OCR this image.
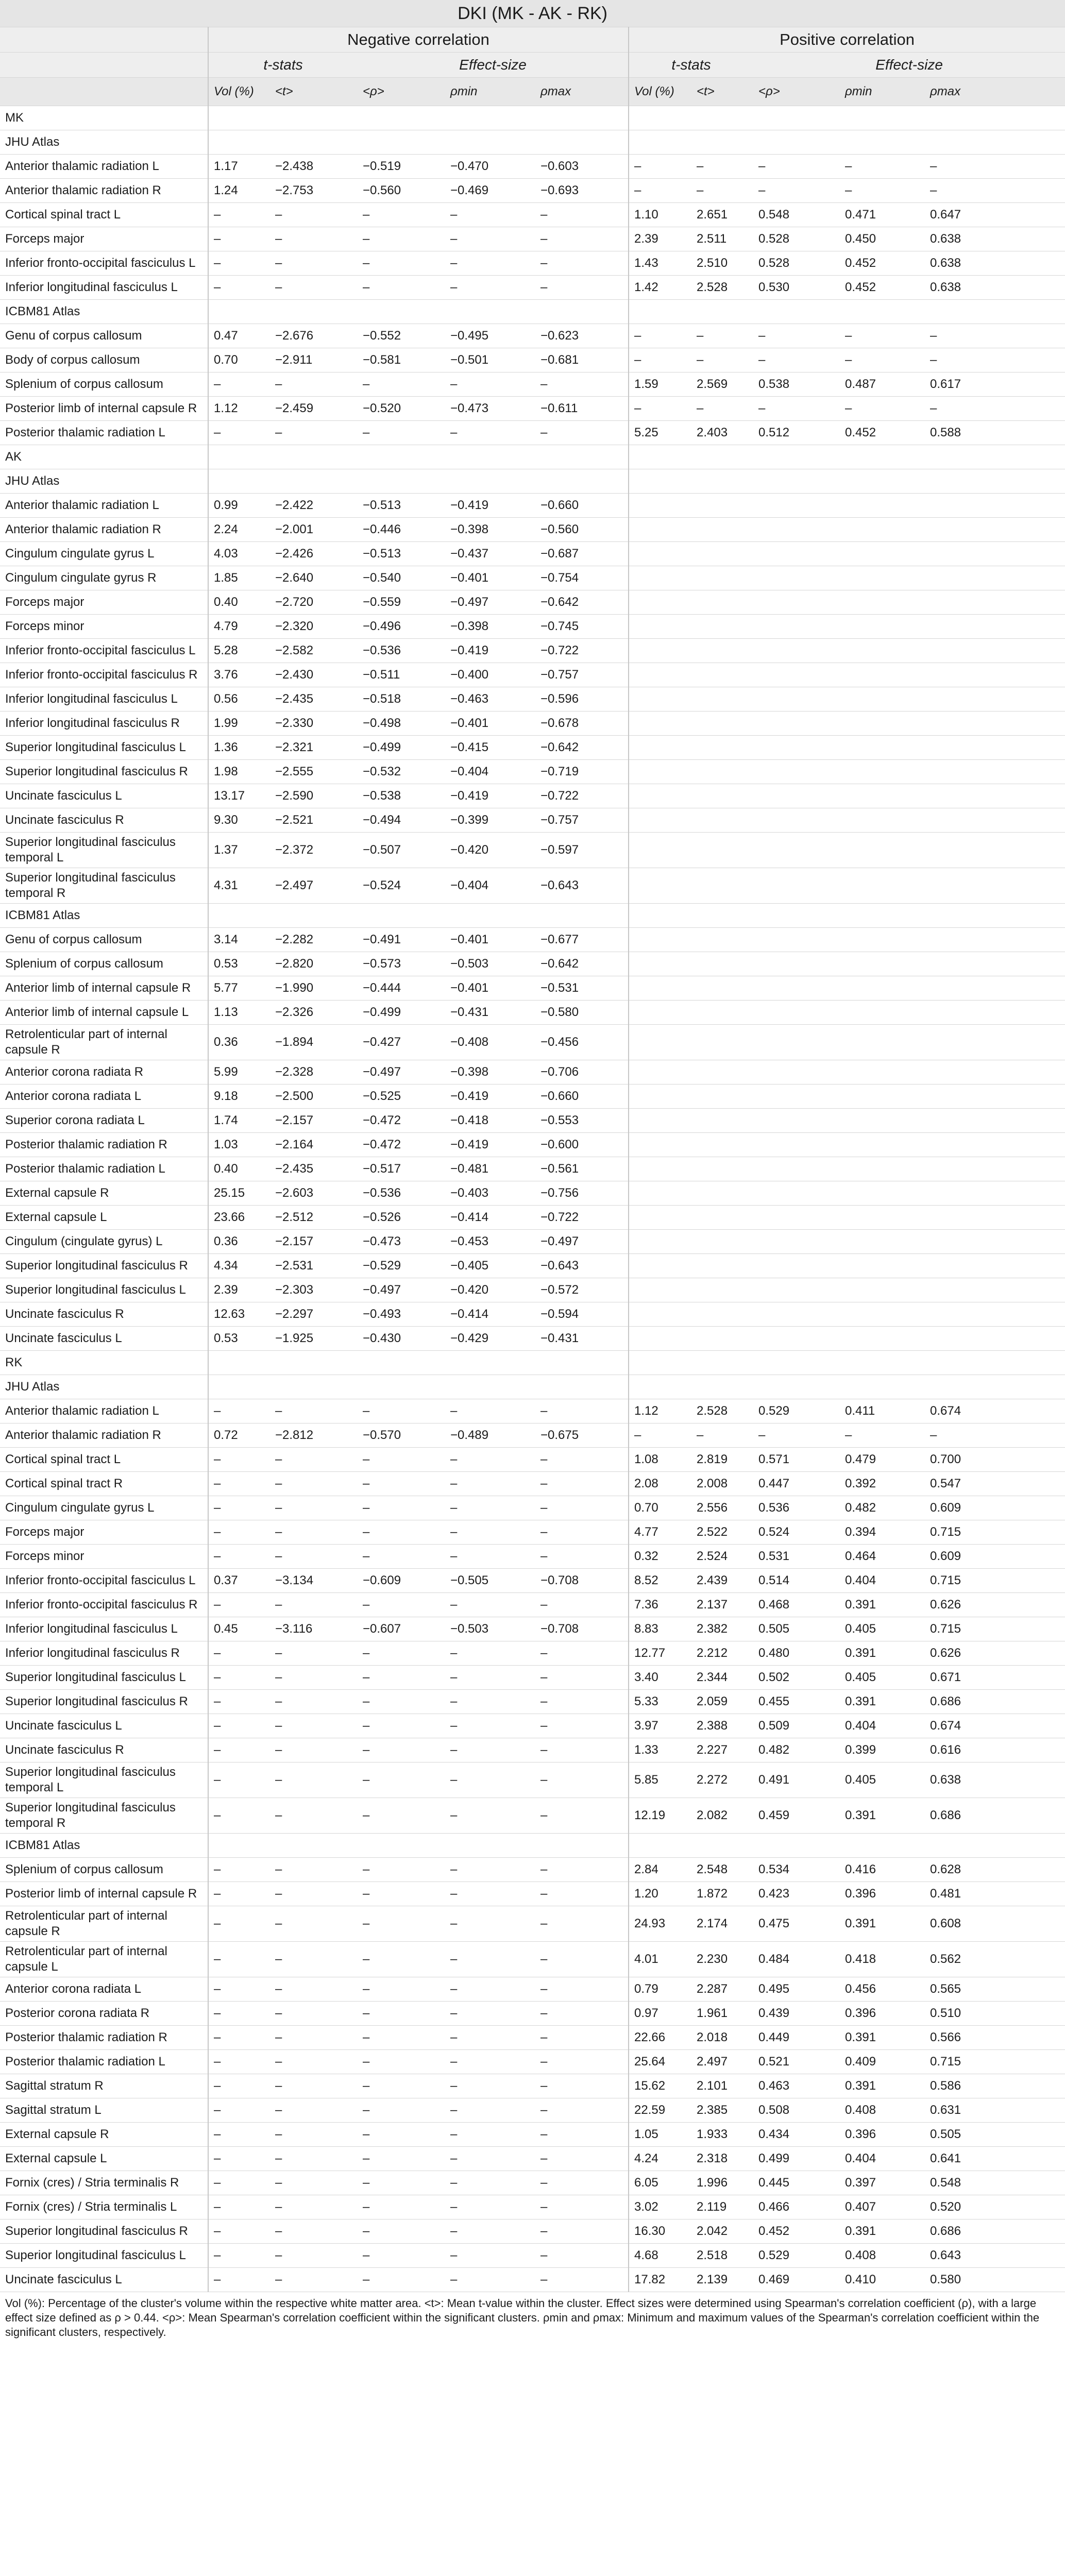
DKI (MK - AK - RK)										
	Negative correlation					Positive correlation				
	t-stats		Effect-size			t-stats		Effect-size		
	Vol (%)	<t>	<ρ>	ρmin	ρmax	Vol (%)	<t>	<ρ>	ρmin	ρmax
MK										
JHU Atlas										
Anterior thalamic radiation L	1.17	−2.438	−0.519	−0.470	−0.603	–	–	–	–	–
Anterior thalamic radiation R	1.24	−2.753	−0.560	−0.469	−0.693	–	–	–	–	–
Cortical spinal tract L	–	–	–	–	–	1.10	2.651	0.548	0.471	0.647
Forceps major	–	–	–	–	–	2.39	2.511	0.528	0.450	0.638
Inferior fronto-occipital fasciculus L	–	–	–	–	–	1.43	2.510	0.528	0.452	0.638
Inferior longitudinal fasciculus L	–	–	–	–	–	1.42	2.528	0.530	0.452	0.638
ICBM81 Atlas										
Genu of corpus callosum	0.47	−2.676	−0.552	−0.495	−0.623	–	–	–	–	–
Body of corpus callosum	0.70	−2.911	−0.581	−0.501	−0.681	–	–	–	–	–
Splenium of corpus callosum	–	–	–	–	–	1.59	2.569	0.538	0.487	0.617
Posterior limb of internal capsule R	1.12	−2.459	−0.520	−0.473	−0.611	–	–	–	–	–
Posterior thalamic radiation L	–	–	–	–	–	5.25	2.403	0.512	0.452	0.588
AK										
JHU Atlas										
Anterior thalamic radiation L	0.99	−2.422	−0.513	−0.419	−0.660					
Anterior thalamic radiation R	2.24	−2.001	−0.446	−0.398	−0.560					
Cingulum cingulate gyrus L	4.03	−2.426	−0.513	−0.437	−0.687					
Cingulum cingulate gyrus R	1.85	−2.640	−0.540	−0.401	−0.754					
Forceps major	0.40	−2.720	−0.559	−0.497	−0.642					
Forceps minor	4.79	−2.320	−0.496	−0.398	−0.745					
Inferior fronto-occipital fasciculus L	5.28	−2.582	−0.536	−0.419	−0.722					
Inferior fronto-occipital fasciculus R	3.76	−2.430	−0.511	−0.400	−0.757					
Inferior longitudinal fasciculus L	0.56	−2.435	−0.518	−0.463	−0.596					
Inferior longitudinal fasciculus R	1.99	−2.330	−0.498	−0.401	−0.678					
Superior longitudinal fasciculus L	1.36	−2.321	−0.499	−0.415	−0.642					
Superior longitudinal fasciculus R	1.98	−2.555	−0.532	−0.404	−0.719					
Uncinate fasciculus L	13.17	−2.590	−0.538	−0.419	−0.722					
Uncinate fasciculus R	9.30	−2.521	−0.494	−0.399	−0.757					
Superior longitudinal fasciculus temporal L	1.37	−2.372	−0.507	−0.420	−0.597					
Superior longitudinal fasciculus temporal R	4.31	−2.497	−0.524	−0.404	−0.643					
ICBM81 Atlas										
Genu of corpus callosum	3.14	−2.282	−0.491	−0.401	−0.677					
Splenium of corpus callosum	0.53	−2.820	−0.573	−0.503	−0.642					
Anterior limb of internal capsule R	5.77	−1.990	−0.444	−0.401	−0.531					
Anterior limb of internal capsule L	1.13	−2.326	−0.499	−0.431	−0.580					
Retrolenticular part of internal capsule R	0.36	−1.894	−0.427	−0.408	−0.456					
Anterior corona radiata R	5.99	−2.328	−0.497	−0.398	−0.706					
Anterior corona radiata L	9.18	−2.500	−0.525	−0.419	−0.660					
Superior corona radiata L	1.74	−2.157	−0.472	−0.418	−0.553					
Posterior thalamic radiation R	1.03	−2.164	−0.472	−0.419	−0.600					
Posterior thalamic radiation L	0.40	−2.435	−0.517	−0.481	−0.561					
External capsule R	25.15	−2.603	−0.536	−0.403	−0.756					
External capsule L	23.66	−2.512	−0.526	−0.414	−0.722					
Cingulum (cingulate gyrus) L	0.36	−2.157	−0.473	−0.453	−0.497					
Superior longitudinal fasciculus R	4.34	−2.531	−0.529	−0.405	−0.643					
Superior longitudinal fasciculus L	2.39	−2.303	−0.497	−0.420	−0.572					
Uncinate fasciculus R	12.63	−2.297	−0.493	−0.414	−0.594					
Uncinate fasciculus L	0.53	−1.925	−0.430	−0.429	−0.431					
RK										
JHU Atlas										
Anterior thalamic radiation L	–	–	–	–	–	1.12	2.528	0.529	0.411	0.674
Anterior thalamic radiation R	0.72	−2.812	−0.570	−0.489	−0.675	–	–	–	–	–
Cortical spinal tract L	–	–	–	–	–	1.08	2.819	0.571	0.479	0.700
Cortical spinal tract R	–	–	–	–	–	2.08	2.008	0.447	0.392	0.547
Cingulum cingulate gyrus L	–	–	–	–	–	0.70	2.556	0.536	0.482	0.609
Forceps major	–	–	–	–	–	4.77	2.522	0.524	0.394	0.715
Forceps minor	–	–	–	–	–	0.32	2.524	0.531	0.464	0.609
Inferior fronto-occipital fasciculus L	0.37	−3.134	−0.609	−0.505	−0.708	8.52	2.439	0.514	0.404	0.715
Inferior fronto-occipital fasciculus R	–	–	–	–	–	7.36	2.137	0.468	0.391	0.626
Inferior longitudinal fasciculus L	0.45	−3.116	−0.607	−0.503	−0.708	8.83	2.382	0.505	0.405	0.715
Inferior longitudinal fasciculus R	–	–	–	–	–	12.77	2.212	0.480	0.391	0.626
Superior longitudinal fasciculus L	–	–	–	–	–	3.40	2.344	0.502	0.405	0.671
Superior longitudinal fasciculus R	–	–	–	–	–	5.33	2.059	0.455	0.391	0.686
Uncinate fasciculus L	–	–	–	–	–	3.97	2.388	0.509	0.404	0.674
Uncinate fasciculus R	–	–	–	–	–	1.33	2.227	0.482	0.399	0.616
Superior longitudinal fasciculus temporal L	–	–	–	–	–	5.85	2.272	0.491	0.405	0.638
Superior longitudinal fasciculus temporal R	–	–	–	–	–	12.19	2.082	0.459	0.391	0.686
ICBM81 Atlas										
Splenium of corpus callosum	–	–	–	–	–	2.84	2.548	0.534	0.416	0.628
Posterior limb of internal capsule R	–	–	–	–	–	1.20	1.872	0.423	0.396	0.481
Retrolenticular part of internal capsule R	–	–	–	–	–	24.93	2.174	0.475	0.391	0.608
Retrolenticular part of internal capsule L	–	–	–	–	–	4.01	2.230	0.484	0.418	0.562
Anterior corona radiata L	–	–	–	–	–	0.79	2.287	0.495	0.456	0.565
Posterior corona radiata R	–	–	–	–	–	0.97	1.961	0.439	0.396	0.510
Posterior thalamic radiation R	–	–	–	–	–	22.66	2.018	0.449	0.391	0.566
Posterior thalamic radiation L	–	–	–	–	–	25.64	2.497	0.521	0.409	0.715
Sagittal stratum R	–	–	–	–	–	15.62	2.101	0.463	0.391	0.586
Sagittal stratum L	–	–	–	–	–	22.59	2.385	0.508	0.408	0.631
External capsule R	–	–	–	–	–	1.05	1.933	0.434	0.396	0.505
External capsule L	–	–	–	–	–	4.24	2.318	0.499	0.404	0.641
Fornix (cres) / Stria terminalis R	–	–	–	–	–	6.05	1.996	0.445	0.397	0.548
Fornix (cres) / Stria terminalis L	–	–	–	–	–	3.02	2.119	0.466	0.407	0.520
Superior longitudinal fasciculus R	–	–	–	–	–	16.30	2.042	0.452	0.391	0.686
Superior longitudinal fasciculus L	–	–	–	–	–	4.68	2.518	0.529	0.408	0.643
Uncinate fasciculus L	–	–	–	–	–	17.82	2.139	0.469	0.410	0.580
Vol (%): Percentage of the cluster's volume within the respective white matter area. <t>: Mean t-value within the cluster. Effect sizes were determined using Spearman's correlation coefficient (ρ), with a large effect size defined as ρ > 0.44. <ρ>: Mean Spearman's correlation coefficient within the significant clusters. ρmin and ρmax: Minimum and maximum values of the Spearman's correlation coefficient within the significant clusters, respectively.
